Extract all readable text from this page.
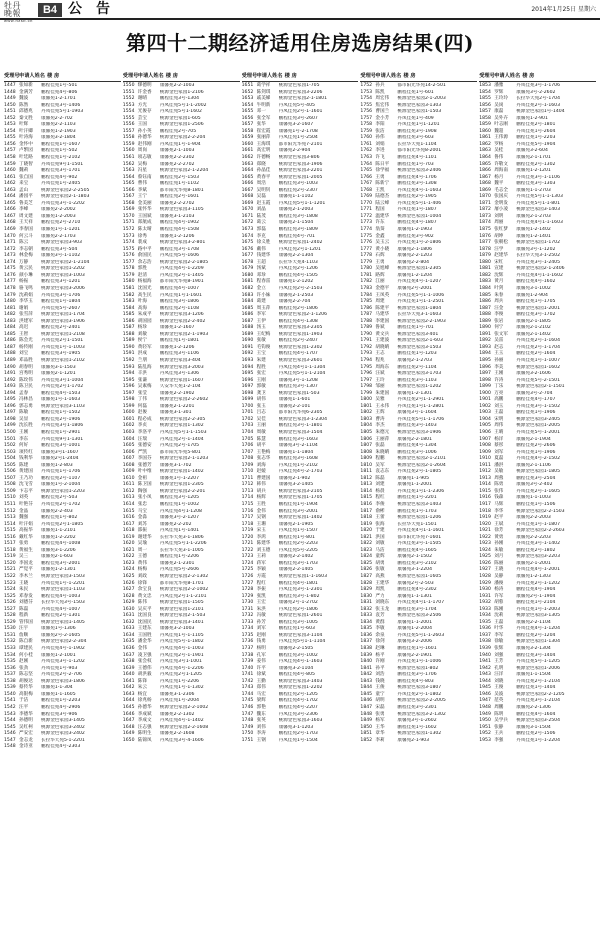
牡丹
晚報
www.hzsb.cn
B4 公告	2014年1月25日 星期六
第四十二期经济适用住房选房结果(四)
受理号 申请人姓名 楼 房
1447 张如新	鹏程佳苑1号-501
1448 金满芳	鹏程佳苑4号-806
1449 魏波	康馨苑1-2-1701
1450 陈然	鹏程佳苑3号-1406
1451 邱德兆	丹凤佳苑5号1-1903
1452 秦文胜	康馨苑2-2-702
1453 叶辉	康馨苑2-2-1103
1454 叶汗卿	康馨苑1-2-1903
1455 叶涛海	康馨苑3-2-1804
1456 金怀中	鹏程佳苑1号-1607
1457 卢繁园	鹏程佳苑1号-502
1458 叶廷路	鹏程佳苑1号-2102
1459 丁晓智	丹凤佳苑9号1-1501
1460 魏莉	鹏程佳苑3号-1701
1461 张自国	鹏程佳苑4号-902
1462 来宝	丹凤佳苑1号-2405
1463 孟山	桃源金色家园2-2-2505
1464 潘园平	桃源金色家园2-1-1803
1465 鲁美芝	丹凤佳苑3号-1-2202
1466 李峰	康馨苑2-2-2002
1467 周文建	康馨苑1-2-2003
1468 王天祥	鹏程佳苑2号-2710
1469 李春国	康馨苑1号-1-1201
1470 何云斗	康馨苑2-2-1703
1471 陈云	桃源金色家园3-903
1472 李志朝	鹏程佳苑3号-504
1473 林金梅	康馨苑3号-1-1102
1474 万静	桃源金色家园2-1-2104
1475 黄云民	桃源金色家园1-2202
1476 颜小琳	桃源金色家园3-1003
1477 杨振	鹏程佳苑3号-1201
1478 骆飞鸣	桃源金色家园3-2006
1479 沈莉娟	丹凤佳苑3号-1706
1480 李华玉	鹏程佳苑1号-1804
1481 谢娟	丹凤佳苑5号-2607
1482 张雪萍	桃源金色家园1-1704
1483 洪建军	桃源金色家园3-1906
1484 高迟	鹏程佳苑2号-2401
1485 王智	桃源金色家园1-2108
1486 陈会光	丹凤佳苑2号1-1501
1487 杨传刚	丹凤佳苑1号-1-1003
1488 刘宝	鹏程佳苑3号-1905
1489 邓品胜	桃源金色家园1-2102
1490 胡春明	康馨苑3-1-1503
1491 宫秀明	康馨苑2-1-1201
1492 陈玫伟	丹凤佳苑3号1-1004
1493 陈卫民	丹凤佳苑2号1-1702
1494 孟春	鹏程佳苑4号-1503
1495 冯林昌	康馨苑1号-1-1603
1496 郭志勇	桃源金色家园3-1103
1497 陈敏	鹏程佳苑1号-1502
1498 吴显	鹏程佳苑2号-1906
1499 沈长胜	丹凤佳苑3号1-1806
1500 王刚	鹏程佳苑1号-2901
1501 李东	丹凤佳苑9号1-1301
1502 何好	鹏程佳苑3号-1001
1503 项传红	康馨苑3号1-1607
1504 钱利华	康馨苑2号1-2404
1505 陈建	康馨苑1-2-803
1506 黄建国	丹凤佳苑1号-1706
1507 王乃功	鹏程佳苑2号-1107
1508 沈飞雪	康馨苑1号-2-1004
1509 卞志平	桃源金色家园1-2203
1510 刘英	鹏程佳苑2号-503
1511 叶艳芬	丹凤佳苑2号-1702
1512 金晶	康馨苑2-2-403
1513 魏强	鹏程佳苑1号-802
1514 叶汗娟	丹凤佳苑2号1-1805
1515 高振华	康馨苑1-1-2101
1516 戴红华	康馨苑1-2-2202
1517 张勇	鹏程佳苑4号-1008
1518 黄福生	康馨苑3-1-2206
1519 吴三	康馨苑2-1-603
1520 李国龙	鹏程佳苑3号-2001
1521 严觉平	康馨苑1-2-1301
1522 李木兰	桃源金色家园3-1503
1523 王晓	丹凤佳苑1号-1-2201
1524 朱民	桃源金色家园1-1103
1525 邓春发	鹏程佳苑4号-1003
1526 刘德芬	长拉华天苑3号-1503
1527 陈磊	丹凤佳苑4号-1007
1528 程新	鹏程佳苑2号-1301
1529 管伟国	桃源金色家园1-1405
1530 汪宇	康馨苑1号-1306
1531 詹顺	康馨苑2号-2-1605
1532 陈自新	桃源金色家园2-2-304
1533 谭建民	丹凤佳苑4号-1-1902
1534 何小桂	康馨苑1-2-1001
1535 赵刚	丹凤佳苑3号-1-1202
1536 张劲	丹凤佳苑1号-903
1537 陈志坚	丹凤佳苑2号-2-706
1538 胡俊达	桃源金色家园3-1806
1539 蔡传华	康馨苑1-1-304
1540 高银梅	康馨苑1-1-1605
1541 于洁	鹏程佳苑1号-2203
1542 汪平	鹏程佳苑4号-2906
1543 李德华	鹏程佳苑3号-906
1544 孙德明	桃源金色家园3-1405
1545 吴红柯	桃源金色家园3-2402
1546 严安宏	桃源金色家园3-2402
1547 金志龙	长拉华天苑5-1-2201
1548 金诗亚	鹏程佳苑4号-2303
受理号 申请人姓名 楼 房
1550 缪德明	康馨苑2-2-1003
1551 许金香	桃源金色家园1-2106
1552 谢晴	鹏程佳苑3号-1304
1553 方光	丹凤佳苑5号1-1-2002
1554 光俊存	丹凤佳苑5号1-1602
1555 芸宝	桃源金色家园1-605
1556 王国	桃源金色家园1-2506
1557 孙小英	鹏程佳苑2号-705
1558 孙德华	桃源金色家园2-2-204
1559 赵伟刚	丹凤佳苑1号-1-904
1560 周岗	康馨苑2-1-1003
1561 项志敏	康馨苑2-2-2302
1562 吴梅	康馨苑2-2-2702
1563 冯星	桃源金色家园2-1-2204
1564 蔡钰南	鹏程佳苑2号-1503
1565 曹伟	鹏程佳苑1号-1102
1566 李斌	都市阳光华苑8-1801
1567 王宁	鹏程佳苑2号-1601
1568 金美丽	康馨苑2-2-2702
1569 张怀华	桃源金色家园3-1105
1570 王国斌	康馨苑3-1-2103
1571 郑航成	鹏程佳苑4号-1902
1572 陈太晴	鹏程佳苑4号-1508
1573 徐秀	康馨苑1-2-1206
1574 裴成	桃源金色家园3-2-801
1575 路中平	鹏程佳苑3号-1708
1576 俞国民	丹凤佳苑5号-1606
1577 余志浩	桃源金色家园2-2-1805
1578 郭胜	丹凤佳苑4号-1-2209
1579 赵清	丹凤佳苑2号-1-1405
1580 杨福海	都市阳光华苑8-1901
1581 沈国光	鹏程佳苑4号-1007
1582 高生民	丹凤佳苑1号1-1601
1583 叶海	鹏程佳苑3号-1806
1584 高海	鹏程佳苑2号-1108
1585 朱成平	桃源金色家园3-1206
1586 胡国园	桃源金色家园2-2-402
1587 杨珍	康馨苑1-2-1607
1588 刘敏	桃源金色家园2-1-1903
1589 侯宁	鹏程佳苑1号-1801
1590 黄轻军	康馨苑1-2-1206
1591 洪成	鹏程佳苑3号-1106
1592 兰朋	桃源金色家园3-404
1593 陆乱海	桃源金色家园3-2003
1594 辛洪	丹凤佳苑3号-1306
1595 张谦	桃源金色家园1-1607
1596 吴素梅	久安华天苑1-2-104
1597 张莹	康馨苑2-2-1902
1598 丁伟	桃源金色家园2-2-2602
1599 何磊	康馨苑2-1-2201
1600 赵俊	康馨苑3-1-301
1601 程必成	桃源金色家园2-2-305
1602 李贞	桃源金色家园1-1302
1603 李洛平	丹凤佳苑5号1-1-1503
1604 汪瑞	丹凤佳苑2号-1-1404
1605 张德安	丹凤佳苑2号-1705
1606 严凯	都市阳光华苑5-801
1607 李国芬	桃源金色家园2-1-1203
1608 张德芳	康馨苑3-1-702
1609 叶中维	桃源金色家园1-1402
1610 金祖	康馨苑1号-1-2207
1611 陈卫国	桃源金色家园1-2305
1612 陶强	桃源金色家园2-2-201
1613 张小凤	鹏程佳苑3号-1205
1614 张忠	鹏程佳苑1号-1002
1615 马宝	丹凤佳苑4号1-1208
1616 金淼	康馨苑3号-2-1207
1617 刘苏	康馨苑2-2-202
1618 邵振	丹凤佳苑1号-1401
1619 谢建华	长拉华天苑3-1-1806
1620 吴瑜	丹凤佳苑5号1-1-2206
1621 周一	长拉华天苑3-1-1005
1622 王德	鹏程佳苑1号-2206
1623 黄伟	康馨苑2-1-2301
1624 杨梅	丹凤佳苑5号-2606
1625 刘政	桃源金色家园2-2-1302
1626 徐锋	都市阳光华苑8-1701
1627 余宝良	桃源金色家园2-2-1002
1628 黄文忠	丹凤佳苑2号1-1-2101
1629 陈伟	桃源金色家园1-1505
1630 吴庆平	桃源金色家园1-2101
1631 沈国良	桃源金色家园2-1-503
1632 沈国民	桃源金色家园3-1401
1633 王建东	康馨苑3-2-1003
1634 王国胜	丹凤佳苑1号-1-1105
1635 潘金华	丹凤佳苑5号-1-1802
1636 金伟	丹凤佳苑4号-1-1003
1637 凌卫强	丹凤佳苑2号-1-1901
1638 张会权	丹凤佳苑3号1-1001
1639 王德伟	丹凤佳苑4号-1-2206
1640 胡洪毅	丹凤佳苑2号1-1205
1641 陈锋	丹凤佳苑1号-2206
1642 朱云	丹凤佳苑1号-1-1302
1643 杨宜	康馨苑3-1-2306
1644 徐兆杨	丹凤佳苑1号-2004
1645 孙德华	桃源金色家园2-2-1002
1646 李成斌	康馨苑2-2-1302
1647 李成文	丹凤佳苑4号-1-1402
1648 汪志强	桃源金色家园2-2-1608
1649 陈明生	康馨苑2-2-1608
1650 陆锦凤	丹凤佳苑3号-4-1606
受理号 申请人姓名 楼 房
1651 葛学祥	桃源金色家园1-705
1652 陈剑琪	桃源金色家园3-2206
1653 戚美娣	桃源金色家园2-1-1801
1654 牛明新	丹凤佳苑5号-405
1655 邓一	丹凤佳苑2号-1-1601
1656 张全军	鹏程佳苑3号-2607
1657 张华	康馨苑3-2-1607
1658 崔宏霞	康馨苑1号-2-1708
1659 张丽萍	丹凤佳苑1号-2504
1660 王海琪	都市阳光华苑7-2101
1661 高宏明	康馨苑2-2-904
1662 许德畅	桃源金色家园3-806
1663 郑晓	桃源金色家园3-1906
1664 孙晶佳	桃源金色家园3-2201
1665 黄春平	桃源金色家园1-2005
1666 周浩	鹏程佳苑3号-1003
1667 吴明钊	鹏程佳苑2号-2307
1668 吴磊	康馨苑1-1-1102
1669 赵玉霞	丹凤佳苑5号1-1-1201
1670 刘晶	康馨苑2-1-2003
1671 陆茂	鹏程佳苑3号-1808
1672 葛云	康馨苑2-1-1504
1673 郭磊	鹏程佳苑3号-1809
1674 李克	鹏程佳苑4号-701
1675 徐义胜	桃源金色家园1-2402
1676 戴伟	丹凤佳苑2号1-1201
1677 钱建华	康馨苑2-2-1304
1678 王超	长拉华天苑4-1103
1679 汤斌	丹凤佳苑2号-1206
1680 邓珍	鹏程佳苑4号-1505
1681 程春雷	康馨苑1-2-1202
1682 金立	丹凤佳苑2号-2-1503
1683 许小妹	康馨苑2-1-2503
1684 葛建	康馨苑2-2-704
1685 周玉萍	鹏程佳苑2号-1806
1686 李军	桃源金色家园2-1-1206
1687 王伊	鹏程佳苑4号-1308
1688 汤玉	桃源金色家园3-2305
1689 王纪梅	桃源金色家园1-1903
1690 张敏	鹏程佳苑2号-2407
1691 毛钩俊	桃源金色家园1-2302
1692 王宝	鹏程佳苑4号-1707
1693 朱建	桃源金色家园3-2601
1694 程胜	丹凤佳苑4号1-1-1304
1695 张宏	丹凤佳苑5号1-1-2104
1696 王刚	康馨苑3号-1-1208
1697 郭敏	鹏程佳苑3号-1307
1698 龚卫	桃源金色家园1-503
1699 胡伟	康馨苑1-1-601
1700 张玉	康馨苑2-2-101
1701 吕志	都市阳光华苑6-2305
1702 吴佳	桃源金色家园3-1-2304
1703 王丽	鹏程佳苑3号-1-1801
1704 周敏	桃源金色家园3-1504
1705 陈慧	鹏程佳苑3号-1603
1706 胡平	康馨苑3号-2-1104
1707 王艳梅	康馨苑1-1-1804
1708 张志华	鹏程佳苑3号-1608
1709 刘海	丹凤佳苑1号-2102
1710 赵媛	丹凤佳苑4号-2-1703
1711 曹建国	康馨苑2-1-902
1712 韩伟	康馨苑3-2-1405
1713 胡兵	桃源金色家园3-2105
1714 杨辉	桃源金色家园1-1705
1715 王胜	鹏程佳苑1号-1904
1716 金伟	鹏程佳苑3号-2001
1717 吴钢	桃源金色家园1-1402
1718 王珊	康馨苑2-1-1905
1719 宋玉	丹凤佳苑1号-1507
1720 李鸿	鹏程佳苑1号-801
1721 陈建华	鹏程佳苑2号-2203
1722 刘玉德	丹凤佳苑5号-2205
1723 王莉	康馨苑2-2-1402
1724 蒋军	鹏程佳苑3号-1703
1725 李颖	康馨苑2-2-1405
1726 方霞	桃源金色家园1-1-1603
1727 程红	鹏程佳苑4号-1801
1728 李振	丹凤佳苑3号-1-2301
1729 张凯	鹏程佳苑3号-1-802
1730 王宏	康馨苑2号-1-2702
1731 朱洪	丹凤佳苑2号-1806
1732 冯敏	桃源金色家园1-2601
1733 孙芳	鹏程佳苑3号-1005
1734 刘军	鹏程佳苑1号-603
1735 赵刚	桃源金色家园3-1104
1736 钱勇	丹凤佳苑5号1-1-1104
1737 杨明	康馨苑2-2-1505
1738 孔军	鹏程佳苑3号-1002
1739 姜伟	丹凤佳苑4号-1-1603
1740 许平	康馨苑3-2-1104
1741 徐斌	鹏程佳苑4号-805
1742 王勤	桃源金色家园3-1403
1743 郑伟	桃源金色家园1-2202
1744 马宏	鹏程佳苑2号-1205
1745 梁辉	鹏程佳苑4号-1702
1746 郭艳	鹏程佳苑4号-2207
1747 魏东	丹凤佳苑3号-2306
1748 张英	桃源金色家园3-1603
1749 刘伟	康馨苑3-1-1203
1750 李涛	鹏程佳苑2号-1703
1751 王钢	丹凤佳苑1号-1504
受理号 申请人姓名 楼 房
1752 孙兵	都市阳光华苑14-2-501
1753 陈凯	鹏程佳苑1号-601
1754 周宏伟	桃源金色家园2-1-2003
1755 焦宏伟	桃源金色家园3-1303
1756 曹国兰	桃源金色家园1-1503
1757 金小芳	丹凤佳苑1号-409
1758 李阳	丹凤佳苑1号1-1201
1759 张洁	鹏程佳苑3号-1908
1760 孙伟	鹏程佳苑3号-603
1761 刘娟	长拉华天苑1-1104
1762 李进	都市阳光华苑8-2001
1763 许飞	鹏程佳苑4号-1101
1764 陈日平	鹏程佳苑1号-703
1765 徐学福	桃源金色家园3-2406
1766 王勇	鹏程佳苑4号-1706
1767 陈新宁	鹏程佳苑3号-1308
1768 王凯	丹凤佳苑4号-1-1603
1769 陆德杰	鹏程佳苑2号-1905
1770 陆云峰	丹凤佳苑5号1-1-406
1771 程国	丹凤佳苑1号-1807
1772 温建华	桃源金色家园1-1004
1773 许东	鹏程佳苑4号-1807
1774 翁葵	康馨苑1-2-1903
1775 金鑫	鹏程佳苑3号-902
1776 吴玉云	丹凤佳苑1号-2-1806
1777 黄小晓	康馨苑2-1-1806
1778 石辉	康馨苑2-2-1203
1779 王勇	康馨苑2-2-804
1780 吴旭峰	桃源金色家园1-2305
1781 路辉	康馨苑1-2-1204
1782 江丽	丹凤佳苑4号-1-1207
1783 金德平	康馨苑2号-2001
1784 王凤英	丹凤佳苑5号1-1-1006
1785 周建	丹凤佳苑1号1-1-2501
1786 陈建平	桃源金色家园1-1804
1787 马建华	长拉华天苑3-1-1603
1788 李建国	桃源金色家园2-2-1903
1789 鲁斌	鹏程佳苑1号-701
1790 黄文兵	桃源金色家园3-401
1791 王建波	桃源金色家园2-1-603
1792 胡晓晴	桃源金色家园3-1503
1793 王志	鹏程佳苑1号-1203
1794 程兆	康馨苑2-1-2703
1795 周海东	鹏程佳苑2号-1104
1796 汪斌	桃源金色家园3-1703
1797 王玲	鹏程佳苑3号-1103
1798 邹丽	桃源金色家园1-1202
1799 朱建国	康馨苑1-2-1301
1800 吴雅	丹凤佳苑2号1-1-2901
1801 王永伟	丹凤佳苑1号1-1-2801
1802 王辉	康馨苑3号-1-1604
1803 曹涛	丹凤佳苑5号1-1-1706
1804 李杰	鹏程佳苑3号-1403
1805 朱德元	桃源金色家园3-1906
1806 王丽萍	康馨苑2-2-1801
1807 张磊	鹏程佳苑4号-1304
1808 朱晓晴	鹏程佳苑3号-1006
1809 程鹏	桃源金色家园2-1-2101
1810 吴军	桃源金色家园2-1-2604
1811 袁志东	丹凤佳苑2号-1-1805
1812 陈磊	康馨苑1-1-905
1813 刘建	康馨苑1-1-2001
1814 杨晨	丹凤佳苑1号1-1-2306
1815 程红	鹏程佳苑1号-2201
1816 李俊	桃源金色家园3-1403
1817 俞彬	鹏程佳苑1号-1703
1818 王蕾	桃源金色家园1-1206
1819 张海	长拉华天苑1-1501
1820 于建	丹凤佳苑4号1-1-1601
1821 洪国	都市阳光华苑7-1601
1822 刘敏	丹凤佳苑3号-1-1505
1823 马洁	鹏程佳苑4号-1605
1824 童辉	康馨苑2-1-1502
1825 胡勇	鹏程佳苑3号-2102
1826 张敏	康馨苑3-1-2204
1827 高燕	桃源金色家园1-1605
1828 王建华	康馨苑2号-2-503
1829 周凯	鹏程佳苑4号-2302
1830 严力	康馨苑1-1-1301
1831 刘晓东	丹凤佳苑4号1-1-1707
1832 张玉龙	鹏程佳苑3号-1704
1833 袁芳	桃源金色家园3-2506
1834 黄群	康馨苑1-1-2001
1835 李敏	康馨苑1-2-2004
1836 余泉	丹凤佳苑5号1-1-2603
1837 徐剑	康馨苑3-2-2006
1838 赵琳	鹏程佳苑1号-1601
1839 杨平	康馨苑2-2-1901
1840 许刚	丹凤佳苑1号-1-1006
1841 孙平	桃源金色家园1-802
1842 刘浩	鹏程佳苑3号-1706
1843 钱晓	鹏程佳苑4号-803
1844 王俊	桃源金色家园3-1807
1845 童宁	丹凤佳苑2号-1-1802
1846 胡明	桃源金色家园2-2-2005
1847 宋磊	鹏程佳苑3号-2301
1848 张勇	桃源金色家园3-2-1302
1849 杨军	康馨苑3号-1-2602
1850 王华	鹏程佳苑1号-1602
1851 章华	桃源金色家园1-1302
1852 李莉	康馨苑2-1-903
受理号 申请人姓名 楼 房
1853 潘雅	丹凤佳苑3号-1-1706
1854 罗辉	康馨苑3号-2-2602
1855 王玲玲	长拉华天苑2号-1704
1856 吴岗	丹凤佳苑2号-1-1603
1857 康磊	桃源金色家园1号-1404
1858 吴外卉	康馨苑1-2-901
1859 叶志刚	鹏程佳苑2号-1801
1860 魏超	丹凤佳苑1号-2604
1861 王伟源	鹏程佳苑1号-2203
1862 罗杨	丹凤佳苑5号-1904
1863 吴桂	康馨苑3-2-604
1864 鲁伟	康馨苑2-1-1701
1865 许敬文	鹏程佳苑2号-1302
1866 周海南	康馨苑1-2-1201
1867 杨月	丹凤佳苑3号-1-1106
1868 魏平	鹏程佳苑3号-1303
1869 毛志全	康馨苑1-1-2703
1870 张国庆	丹凤佳苑5号1-1-1303
1871 金明发	丹凤佳苑5号1-1-801
1872 屠小凌	桃源金色家园3-1403
1873 刘明	康馨苑2-1-2703
1874 周丽	丹凤佳苑4号1-1-1603
1875 张红梦	康馨苑1-2-1402
1876 胡坤	康馨苑1-2-1401
1877 张朝松	桃源金色家园1-1702
1878 汪学	康馨苑3号-1-1202
1879 赵建华	长拉华天苑3-1-2502
1880 宋红	丹凤佳苑3号-1-2405
1881 宣建	桃源金色家园2-1-2406
1882 沈辉	丹凤佳苑4号1-1-1602
1883 黄月	鹏程佳苑4号-1602
1884 叶剑	康馨苑3-1-1002
1885 朱春	康馨苑1-2-904
1886 周兵	鹏程佳苑1号-1705
1887 汪金	桃源金色家园1-2001
1888 李俊	鹏程佳苑3号-1702
1889 张岩	康馨苑2-1-1805
1890 何宁	康馨苑2-1-2102
1891 张文军	康馨苑2-1-1402
1892 吴雷	丹凤佳苑2号-1-1604
1893 赵志	丹凤佳苑2号-1-1704
1894 王玉	鹏程佳苑2号-1604
1895 孙丽	丹凤佳苑1号-1-1007
1896 李美	桃源金色家园1-1602
1897 王刚	康馨苑3-2-1606
1898 许涛	丹凤佳苑5号-2-1501
1899 丁乐	桃源金色家园2-1-1501
1900 万亮	康馨苑3号-2-704
1901 高鹏	鹏程佳苑4号-1707
1902 刘玉	丹凤佳苑3号-1-1502
1903 王磊	鹏程佳苑1号-1906
1904 宋明	桃源金色家园3-2405
1905 周伟	桃源金色家园1-2005
1906 王晴	丹凤佳苑5号-1-2001
1907 杨洋	康馨苑2-1-1904
1908 蔡彤	鹏程佳苑2号-2606
1909 刘军	丹凤佳苑1号-1906
1910 夏磊	丹凤佳苑4号-2-1502
1911 潘洪	康馨苑2-1-1106
1912 吴敏	桃源金色家园1-1805
1913 周燕	鹏程佳苑3号-2504
1914 陈勇	康馨苑3号-2-402
1915 张伟	丹凤佳苑2号-1-1605
1916 钱森	康馨苑1-1-1003
1917 马辉	鹏程佳苑1号-1506
1918 李华	桃源金色家园2-2-1503
1919 赵平	康馨苑2-2-2003
1920 王斌	丹凤佳苑1号-1-1807
1921 徐芳	桃源金色家园2-2-2603
1922 黄勇	康馨苑2-2-2203
1923 孙刚	丹凤佳苑3号-1-1402
1924 朱敏	鹏程佳苑2号-1802
1925 刘月	桃源金色家园3-2203
1926 陈丽	康馨苑2-1-2001
1927 王晓	丹凤佳苑4号-1-2001
1928 吴静	康馨苑1-2-1303
1929 潘俊	丹凤佳苑2号-1-1202
1930 杨涛	鹏程佳苑4号-1904
1931 许军	康馨苑2号-1-1904
1932 胡蓉	鹏程佳苑1号-2104
1933 陈刚	丹凤佳苑1号-1-2003
1934 沈莉	桃源金色家园3-1305
1935 王磊	康馨苑2-2-1104
1936 叶华	丹凤佳苑4号-1-1204
1937 李军	鹏程佳苑2号-1204
1938 徐敏	桃源金色家园1-1304
1939 张辉	康馨苑3-2-1304
1940 刘强	鹏程佳苑3号-1404
1941 王芳	丹凤佳苑5号-1-1205
1942 孔明	桃源金色家园1-2006
1943 汪洋	康馨苑1-1-1504
1944 刘晓	丹凤佳苑2号-1-2104
1945 王俊	鹏程佳苑1号-1404
1946 吴波	桃源金色家园2-2-1205
1947 范英	丹凤佳苑3号-1-2104
1948 周鹏	康馨苑2-2-1306
1949 陈明	鹏程佳苑4号-1604
1950 吴学兵	桃源金色家园3-2504
1951 张静	康馨苑3-1-1504
1952 王兵	鹏程佳苑2号-1506
1953 李强	丹凤佳苑1号-1-2204
